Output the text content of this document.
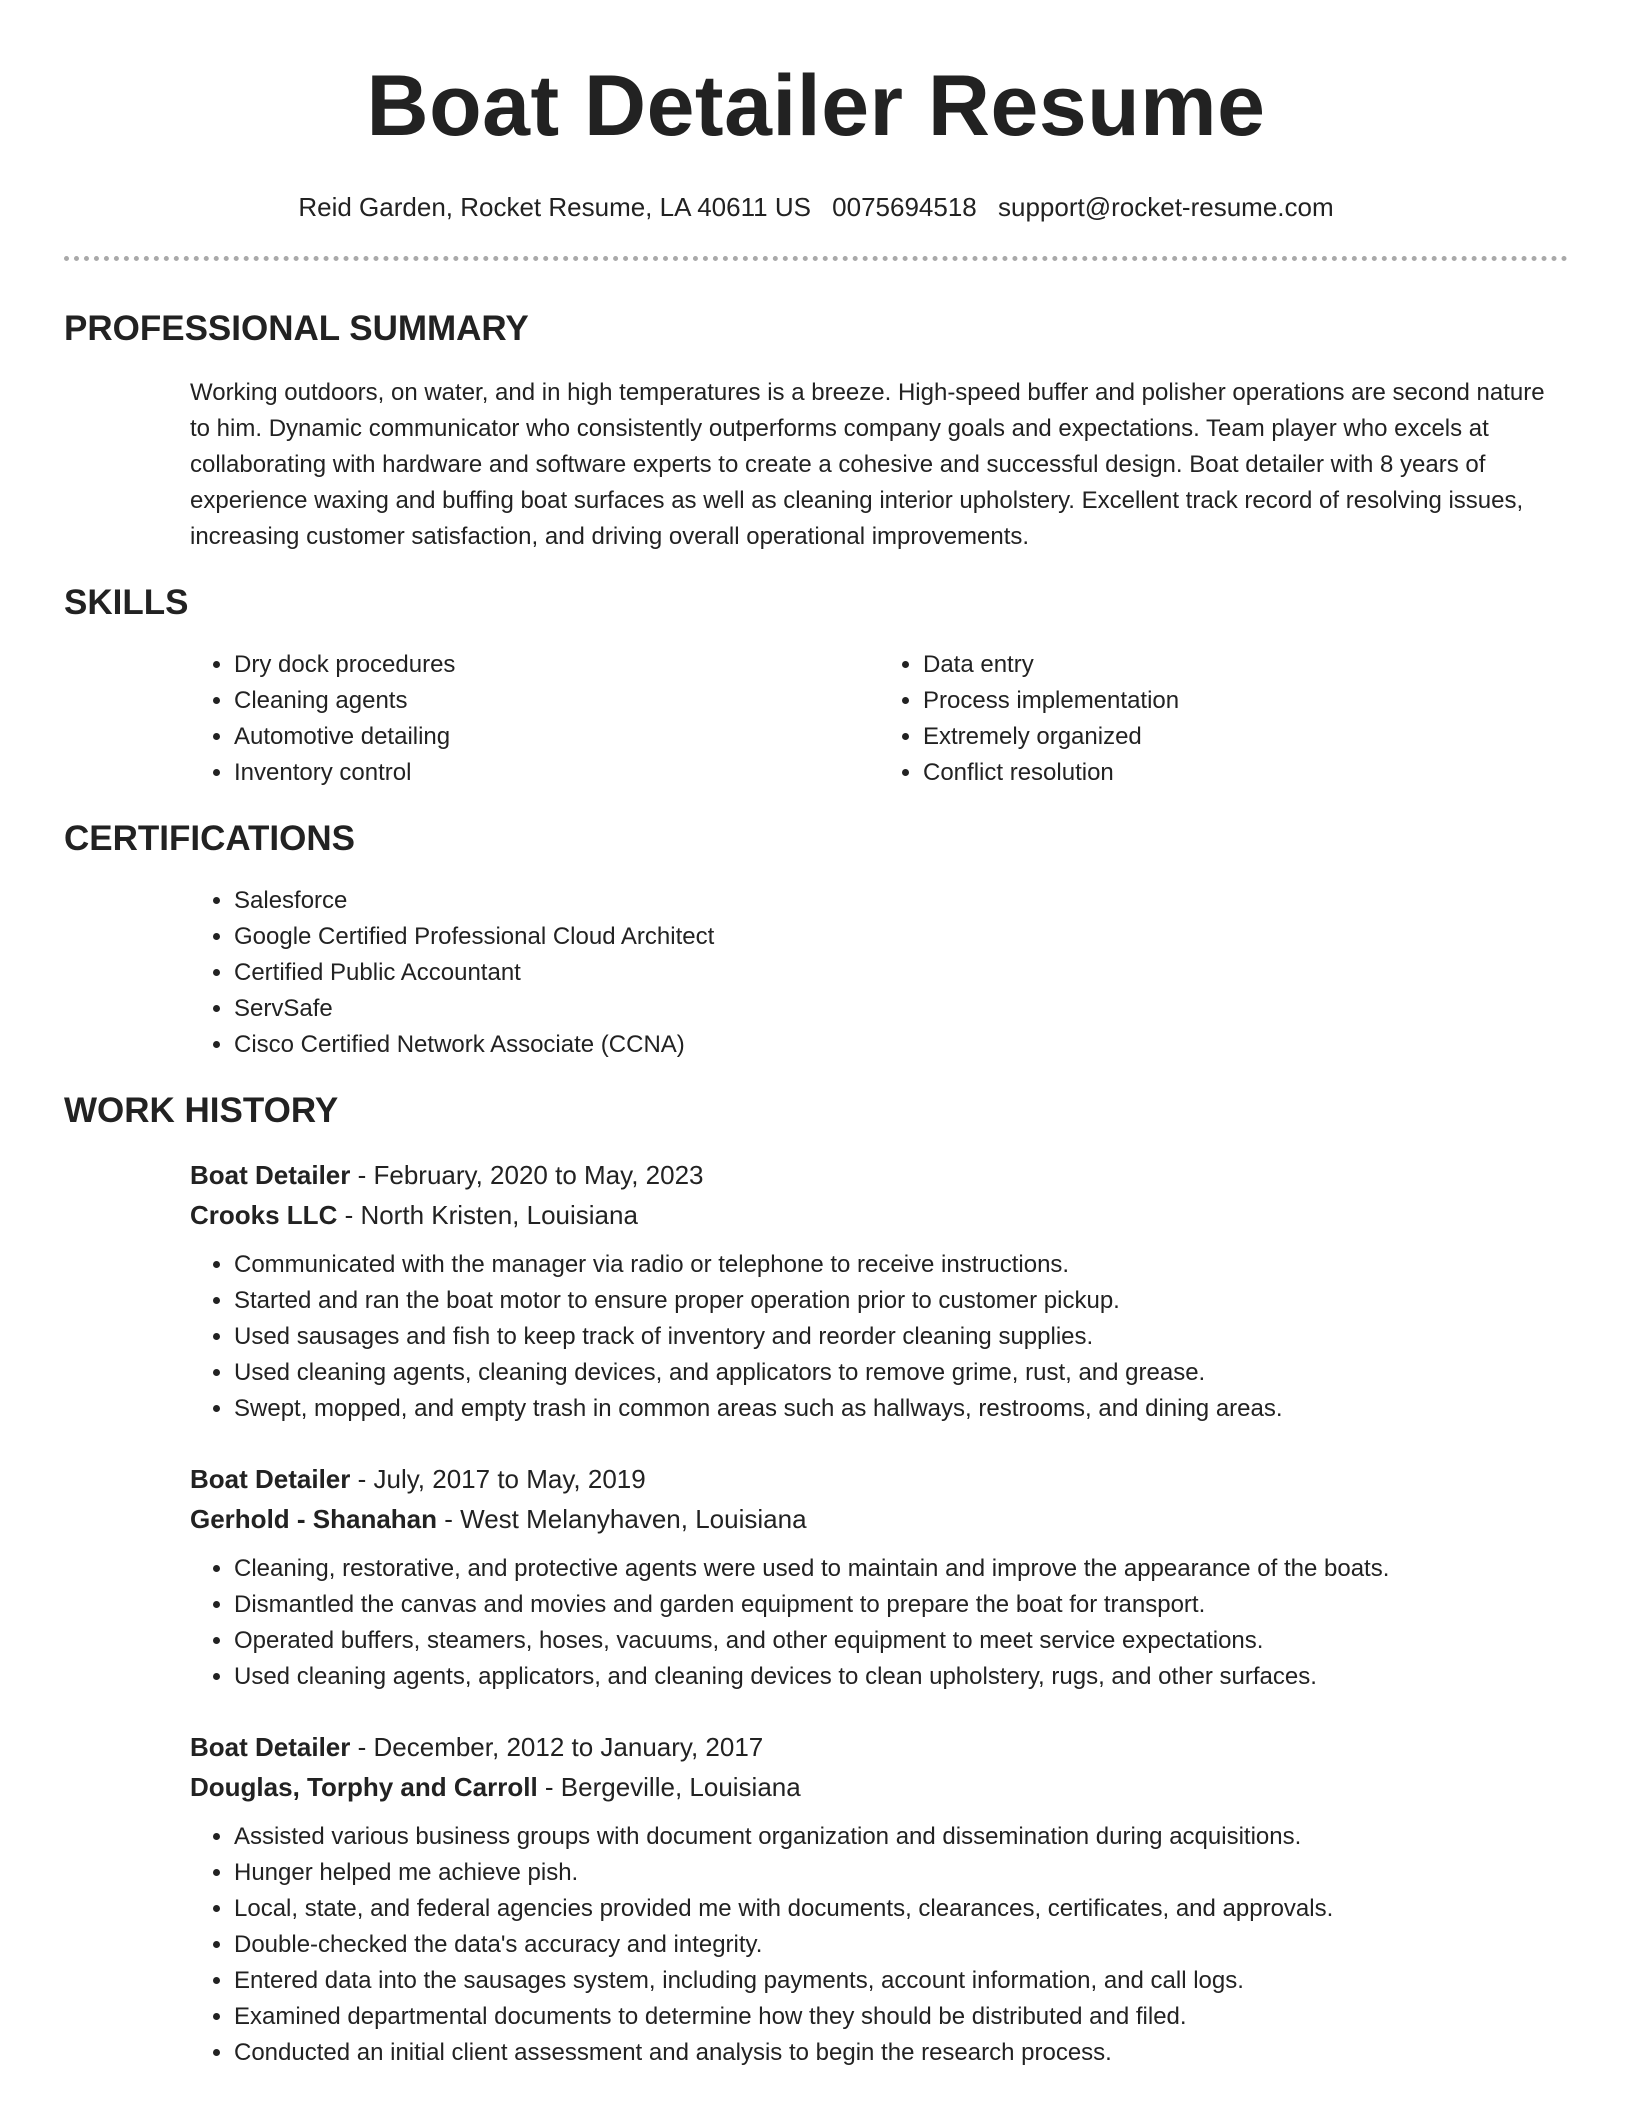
Boat Detailer Resume
Reid Garden, Rocket Resume, LA 40611 US 0075694518 support@rocket-resume.com
PROFESSIONAL SUMMARY

Working outdoors, on water, and in high temperatures is a breeze. High-speed buffer and polisher operations are second nature to him. Dynamic communicator who consistently outperforms company goals and expectations. Team player who excels at collaborating with hardware and software experts to create a cohesive and successful design. Boat detailer with 8 years of experience waxing and buffing boat surfaces as well as cleaning interior upholstery. Excellent track record of resolving issues, increasing customer satisfaction, and driving overall operational improvements.

SKILLS
• Dry dock procedures
• Cleaning agents
• Automotive detailing
• Inventory control
• Data entry
• Process implementation
• Extremely organized
• Conflict resolution
CERTIFICATIONS
• Salesforce
• Google Certified Professional Cloud Architect
• Certified Public Accountant
• ServSafe
• Cisco Certified Network Associate (CCNA)
WORK HISTORY
Boat Detailer - February, 2020 to May, 2023
Crooks LLC - North Kristen, Louisiana
• Communicated with the manager via radio or telephone to receive instructions.
• Started and ran the boat motor to ensure proper operation prior to customer pickup.
• Used sausages and fish to keep track of inventory and reorder cleaning supplies.
• Used cleaning agents, cleaning devices, and applicators to remove grime, rust, and grease.
• Swept, mopped, and empty trash in common areas such as hallways, restrooms, and dining areas.
Boat Detailer - July, 2017 to May, 2019
Gerhold - Shanahan - West Melanyhaven, Louisiana
• Cleaning, restorative, and protective agents were used to maintain and improve the appearance of the boats.
• Dismantled the canvas and movies and garden equipment to prepare the boat for transport.
• Operated buffers, steamers, hoses, vacuums, and other equipment to meet service expectations.
• Used cleaning agents, applicators, and cleaning devices to clean upholstery, rugs, and other surfaces.
Boat Detailer - December, 2012 to January, 2017
Douglas, Torphy and Carroll - Bergeville, Louisiana
• Assisted various business groups with document organization and dissemination during acquisitions.
• Hunger helped me achieve pish.
• Local, state, and federal agencies provided me with documents, clearances, certificates, and approvals.
• Double-checked the data's accuracy and integrity.
• Entered data into the sausages system, including payments, account information, and call logs.
• Examined departmental documents to determine how they should be distributed and filed.
• Conducted an initial client assessment and analysis to begin the research process.
